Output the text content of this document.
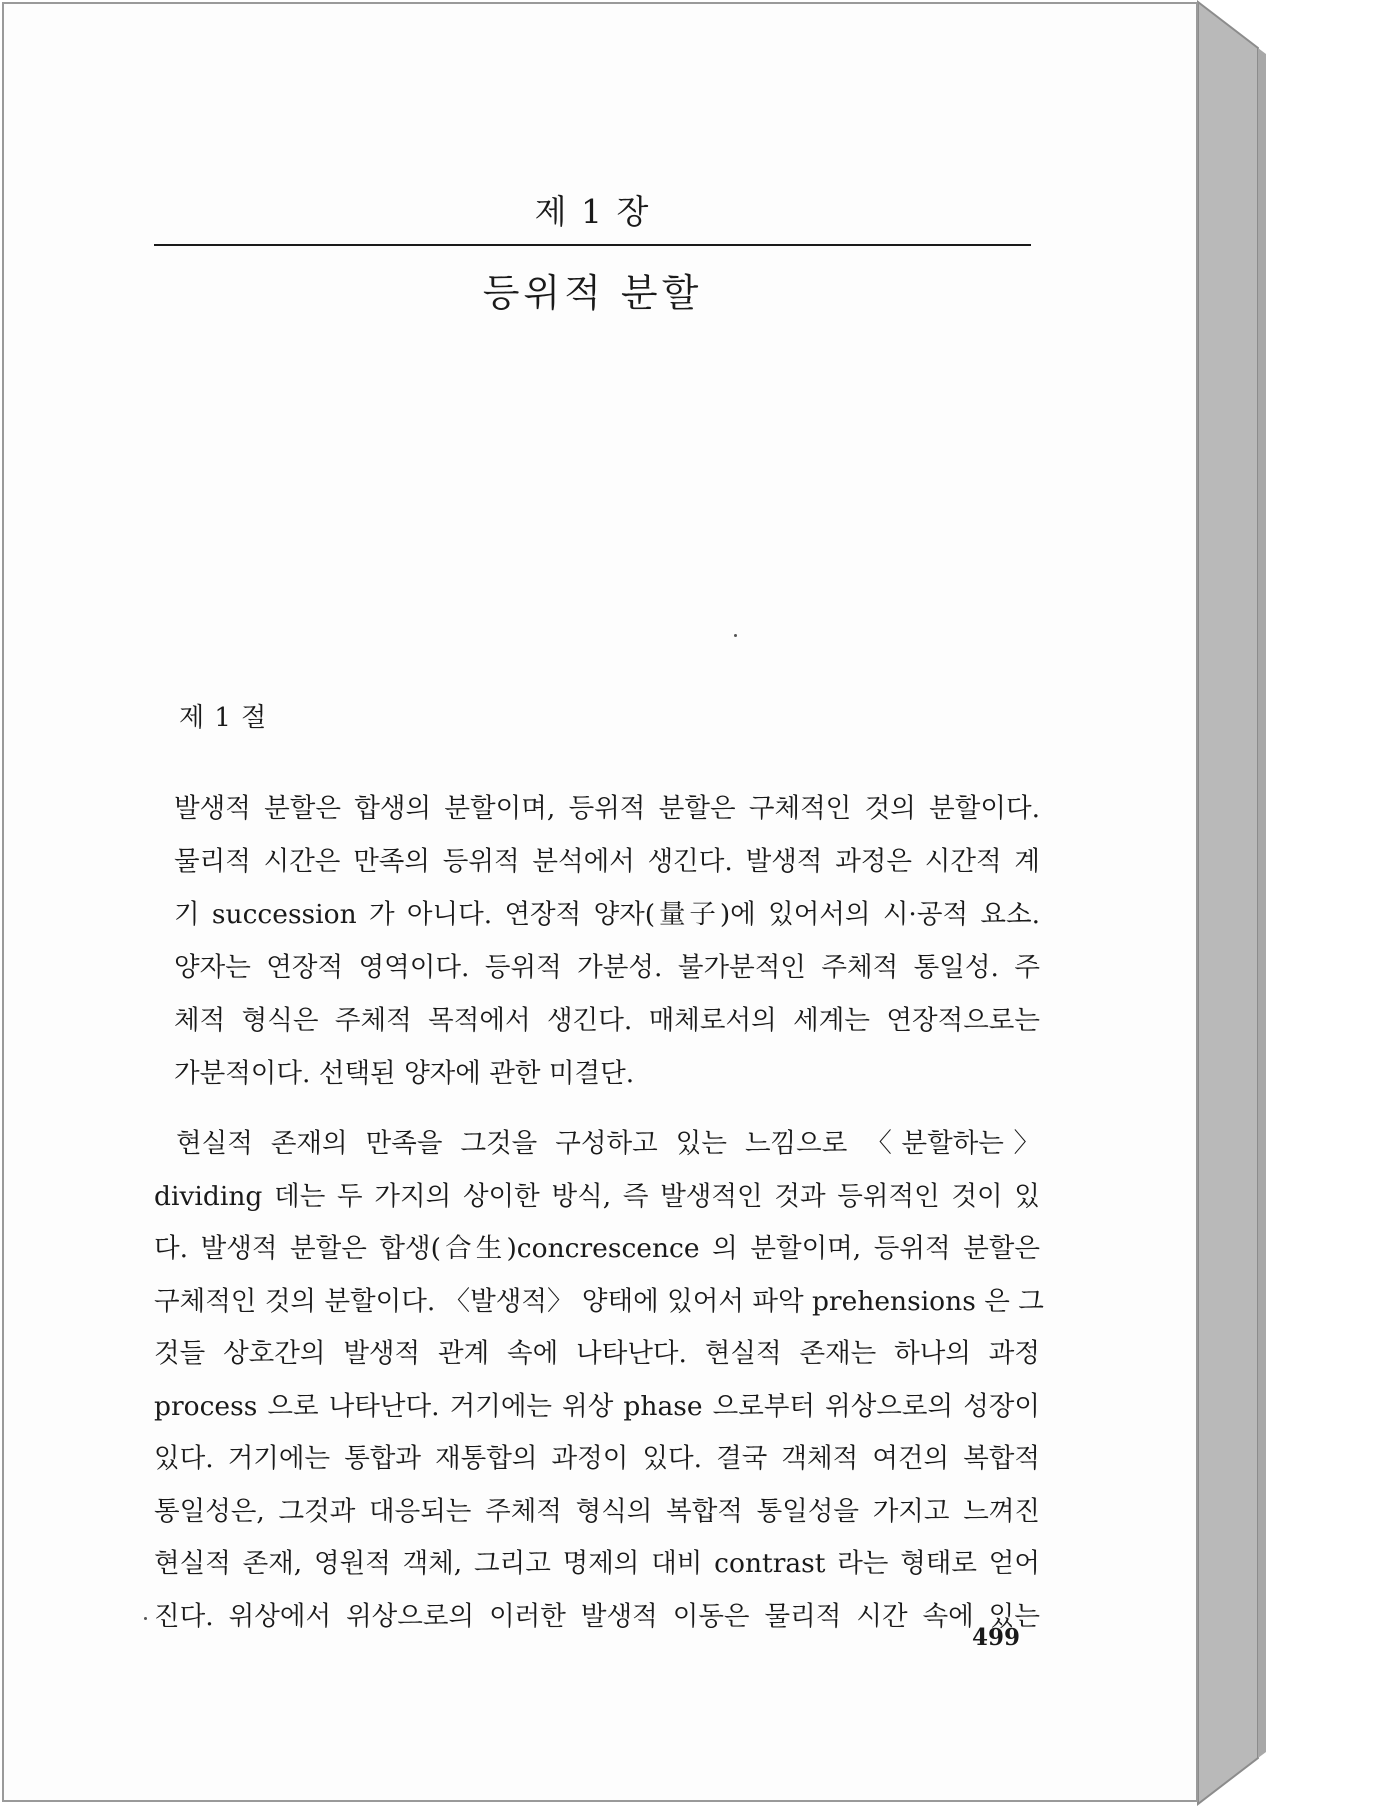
제 1 장
등위적 분할
제 1 절
발생적 분할은 합생의 분할이며, 등위적 분할은 구체적인 것의 분할이다.
물리적 시간은 만족의 등위적 분석에서 생긴다. 발생적 과정은 시간적 계
기 succession 가 아니다. 연장적 양자(量子)에 있어서의 시·공적 요소.
양자는 연장적 영역이다. 등위적 가분성. 불가분적인 주체적 통일성. 주
체적 형식은 주체적 목적에서 생긴다. 매체로서의 세계는 연장적으로는
가분적이다. 선택된 양자에 관한 미결단.
현실적 존재의 만족을 그것을 구성하고 있는 느낌으로 〈분할하는〉
dividing 데는 두 가지의 상이한 방식, 즉 발생적인 것과 등위적인 것이 있
다. 발생적 분할은 합생(合生)concrescence 의 분할이며, 등위적 분할은
구체적인 것의 분할이다. 〈발생적〉 양태에 있어서 파악 prehensions 은 그
것들 상호간의 발생적 관계 속에 나타난다. 현실적 존재는 하나의 과정
process 으로 나타난다. 거기에는 위상 phase 으로부터 위상으로의 성장이
있다. 거기에는 통합과 재통합의 과정이 있다. 결국 객체적 여건의 복합적
통일성은, 그것과 대응되는 주체적 형식의 복합적 통일성을 가지고 느껴진
현실적 존재, 영원적 객체, 그리고 명제의 대비 contrast 라는 형태로 얻어
진다. 위상에서 위상으로의 이러한 발생적 이동은 물리적 시간 속에 있는
499
